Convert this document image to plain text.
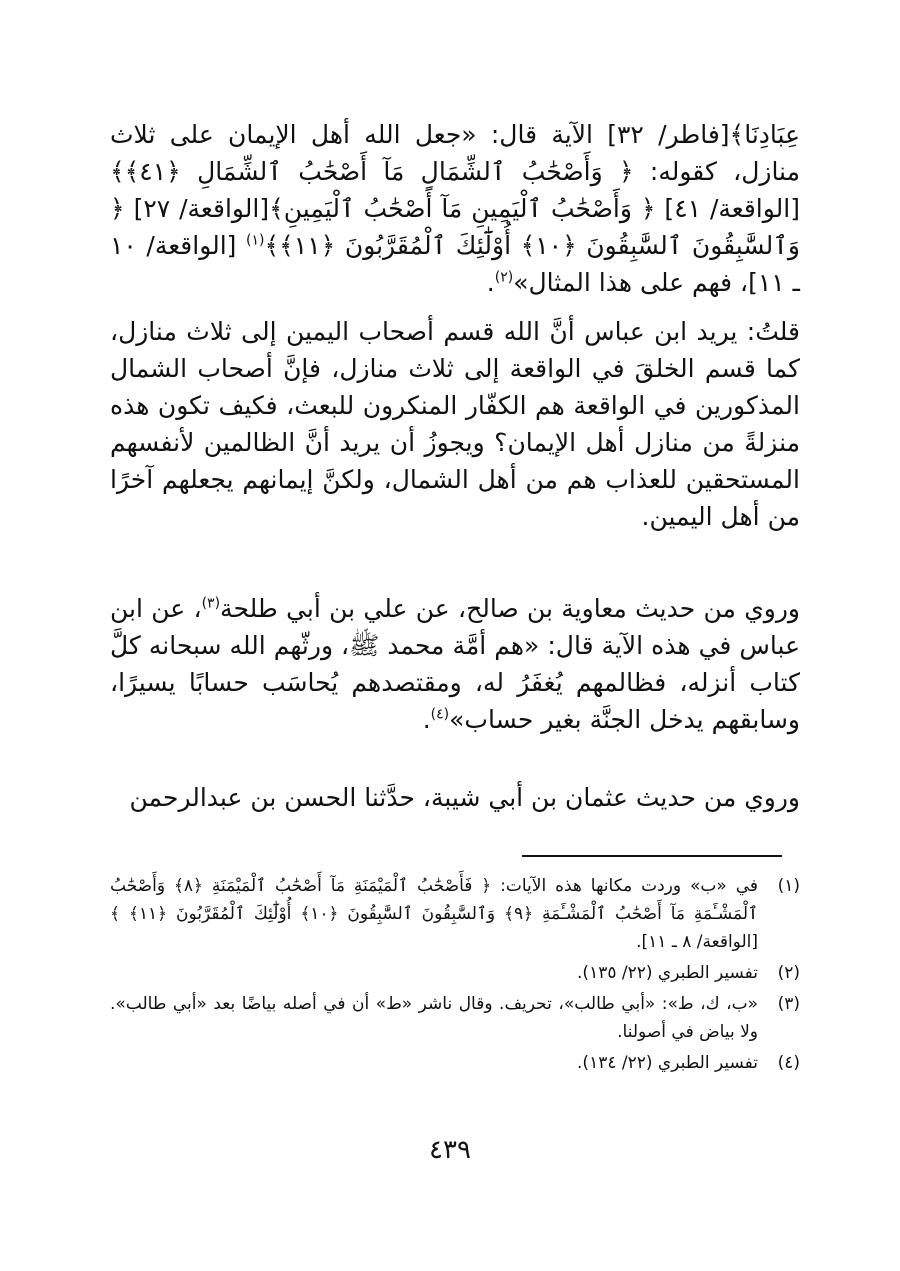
عِبَادِنَا﴾[فاطر/ ٣٢] الآية قال: «جعل الله أهل الإيمان على ثلاث منازل، كقوله: ﴿ وَأَصْحَٰبُ ٱلشِّمَالِ مَآ أَصْحَٰبُ ٱلشِّمَالِ ﴿٤١﴾﴾[الواقعة/ ٤١] ﴿ وَأَصْحَٰبُ ٱلْيَمِينِ مَآ أَصْحَٰبُ ٱلْيَمِينِ﴾[الواقعة/ ٢٧] ﴿ وَٱلسَّٰبِقُونَ ٱلسَّٰبِقُونَ ﴿١٠﴾ أُوْلَٰٓئِكَ ٱلْمُقَرَّبُونَ ﴿١١﴾﴾$^{(١)}$ [الواقعة/ ١٠ ـ ١١]، فهم على هذا المثال»$^{(٢)}$.

قلتُ: يريد ابن عباس أنَّ الله قسم أصحاب اليمين إلى ثلاث منازل، كما قسم الخلقَ في الواقعة إلى ثلاث منازل، فإنَّ أصحاب الشمال المذكورين في الواقعة هم الكفّار المنكرون للبعث، فكيف تكون هذه منزلةً من منازل أهل الإيمان؟ ويجوزُ أن يريد أنَّ الظالمين لأنفسهم المستحقين للعذاب هم من أهل الشمال، ولكنَّ إيمانهم يجعلهم آخرًا من أهل اليمين.

وروي من حديث معاوية بن صالح، عن علي بن أبي طلحة$^{(٣)}$، عن ابن عباس في هذه الآية قال: «هم أمَّة محمد ﷺ، ورثّهم الله سبحانه كلَّ كتاب أنزله، فظالمهم يُغفَرُ له، ومقتصدهم يُحاسَب حسابًا يسيرًا، وسابقهم يدخل الجنَّة بغير حساب»$^{(٤)}$.

وروي من حديث عثمان بن أبي شيبة، حدَّثنا الحسن بن عبدالرحمن

(١)
في «ب» وردت مكانها هذه الآيات: ﴿ فَأَصْحَٰبُ ٱلْمَيْمَنَةِ مَآ أَصْحَٰبُ ٱلْمَيْمَنَةِ ﴿٨﴾ وَأَصْحَٰبُ ٱلْمَشْـَٔمَةِ مَآ أَصْحَٰبُ ٱلْمَشْـَٔمَةِ ﴿٩﴾ وَٱلسَّٰبِقُونَ ٱلسَّٰبِقُونَ ﴿١٠﴾ أُوْلَٰٓئِكَ ٱلْمُقَرَّبُونَ ﴿١١﴾ ﴾ [الواقعة/ ٨ ـ ١١].
(٢)
تفسير الطبري (٢٢/ ١٣٥).
(٣)
«ب، ك، ط»: «أبي طالب»، تحريف. وقال ناشر «ط» أن في أصله بياضًا بعد «أبي طالب». ولا بياض في أصولنا.
(٤)
تفسير الطبري (٢٢/ ١٣٤).
٤٣٩
